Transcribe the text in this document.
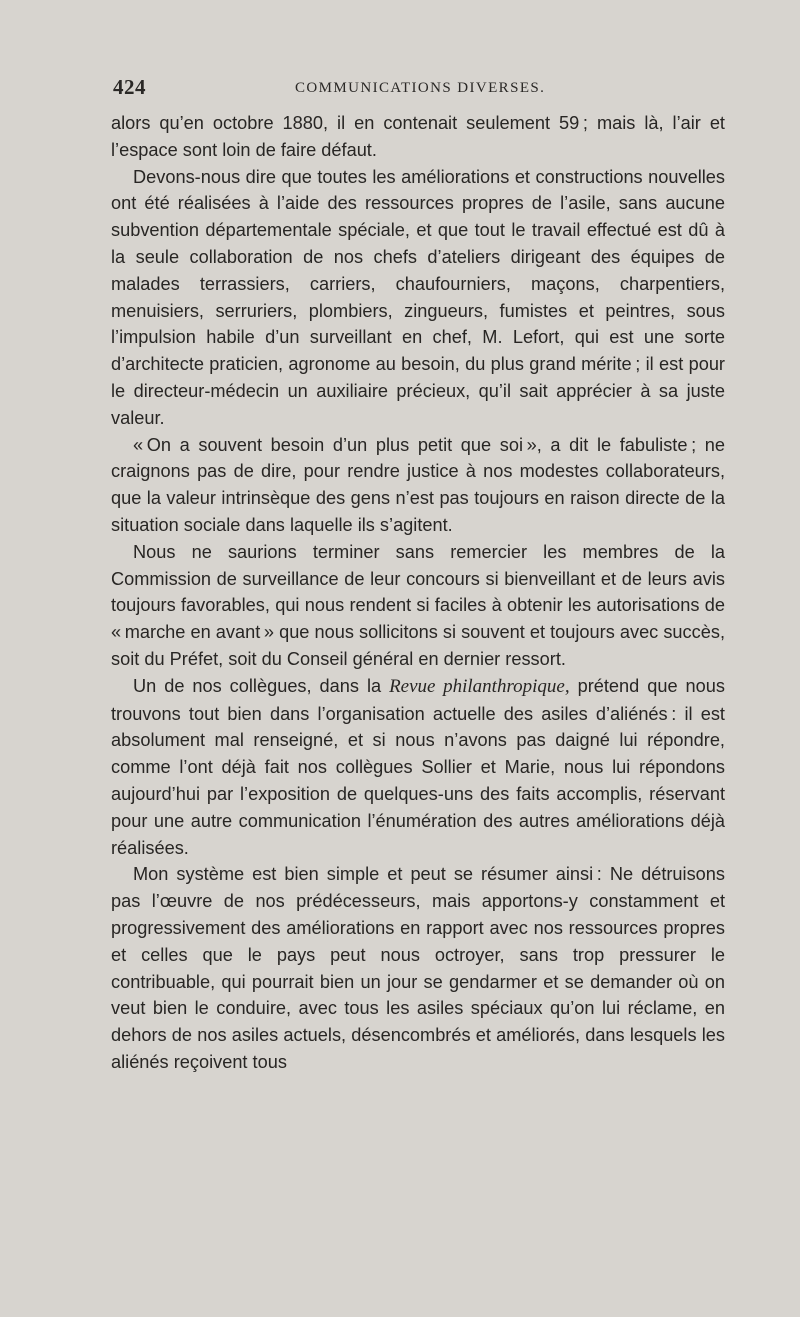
424	COMMUNICATIONS DIVERSES.

alors qu’en octobre 1880, il en contenait seulement 59 ; mais là, l’air et l’espace sont loin de faire défaut.

Devons-nous dire que toutes les améliorations et constructions nouvelles ont été réalisées à l’aide des ressources propres de l’asile, sans aucune subvention départementale spéciale, et que tout le travail effectué est dû à la seule collaboration de nos chefs d’ateliers dirigeant des équipes de malades terrassiers, carriers, chaufourniers, maçons, charpentiers, menuisiers, serruriers, plombiers, zingueurs, fumistes et peintres, sous l’impulsion habile d’un surveillant en chef, M. Lefort, qui est une sorte d’architecte praticien, agronome au besoin, du plus grand mérite ; il est pour le directeur-médecin un auxiliaire précieux, qu’il sait apprécier à sa juste valeur.

« On a souvent besoin d’un plus petit que soi », a dit le fabuliste ; ne craignons pas de dire, pour rendre justice à nos modestes collaborateurs, que la valeur intrinsèque des gens n’est pas toujours en raison directe de la situation sociale dans laquelle ils s’agitent.

Nous ne saurions terminer sans remercier les membres de la Commission de surveillance de leur concours si bienveillant et de leurs avis toujours favorables, qui nous rendent si faciles à obtenir les autorisations de « marche en avant » que nous sollicitons si souvent et toujours avec succès, soit du Préfet, soit du Conseil général en dernier ressort.

Un de nos collègues, dans la Revue philanthropique, prétend que nous trouvons tout bien dans l’organisation actuelle des asiles d’aliénés : il est absolument mal renseigné, et si nous n’avons pas daigné lui répondre, comme l’ont déjà fait nos collègues Sollier et Marie, nous lui répondons aujourd’hui par l’exposition de quelques-uns des faits accomplis, réservant pour une autre communication l’énumération des autres améliorations déjà réalisées.

Mon système est bien simple et peut se résumer ainsi : Ne détruisons pas l’œuvre de nos prédécesseurs, mais apportons-y constamment et progressivement des améliorations en rapport avec nos ressources propres et celles que le pays peut nous octroyer, sans trop pressurer le contribuable, qui pourrait bien un jour se gendarmer et se demander où on veut bien le conduire, avec tous les asiles spéciaux qu’on lui réclame, en dehors de nos asiles actuels, désencombrés et améliorés, dans lesquels les aliénés reçoivent tous
